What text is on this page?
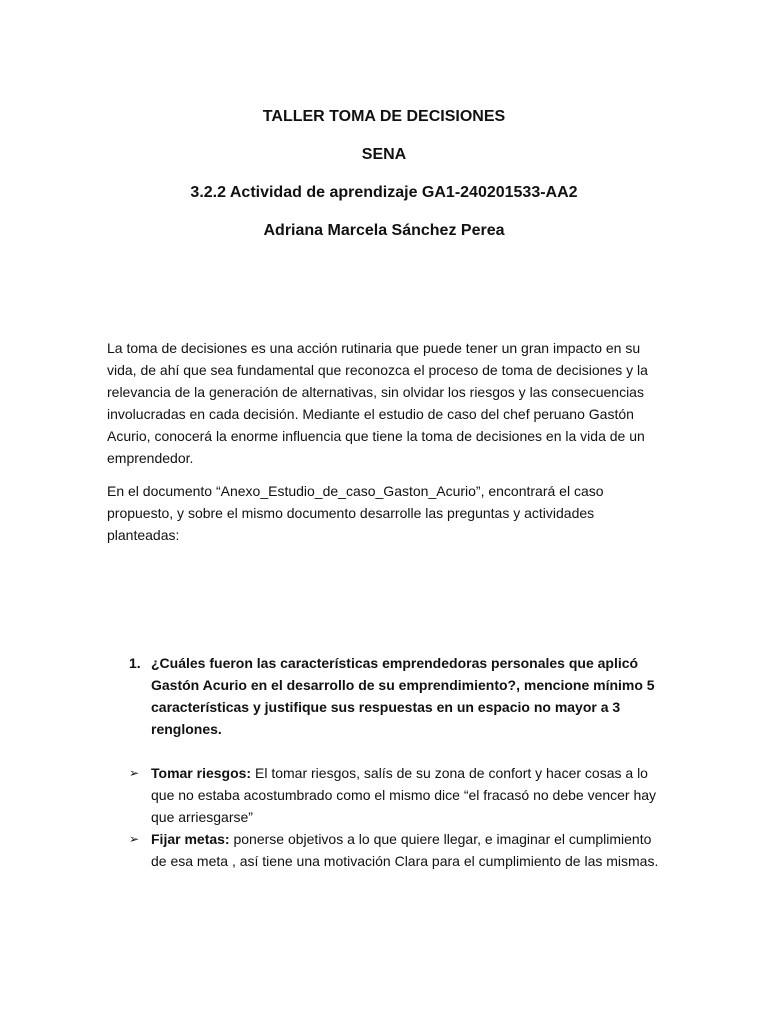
TALLER TOMA DE DECISIONES

SENA

3.2.2 Actividad de aprendizaje GA1-240201533-AA2

Adriana Marcela Sánchez Perea

La toma de decisiones es una acción rutinaria que puede tener un gran impacto en su vida, de ahí que sea fundamental que reconozca el proceso de toma de decisiones y la relevancia de la generación de alternativas, sin olvidar los riesgos y las consecuencias involucradas en cada decisión. Mediante el estudio de caso del chef peruano Gastón Acurio, conocerá la enorme influencia que tiene la toma de decisiones en la vida de un emprendedor.

En el documento “Anexo_Estudio_de_caso_Gaston_Acurio”, encontrará el caso propuesto, y sobre el mismo documento desarrolle las preguntas y actividades planteadas:

1. ¿Cuáles fueron las características emprendedoras personales que aplicó Gastón Acurio en el desarrollo de su emprendimiento?, mencione mínimo 5 características y justifique sus respuestas en un espacio no mayor a 3 renglones.
➢ Tomar riesgos: El tomar riesgos, salís de su zona de confort y hacer cosas a lo que no estaba acostumbrado como el mismo dice “el fracasó no debe vencer hay que arriesgarse”
➢ Fijar metas: ponerse objetivos a lo que quiere llegar, e imaginar el cumplimiento de esa meta , así tiene una motivación Clara para el cumplimiento de las mismas.
